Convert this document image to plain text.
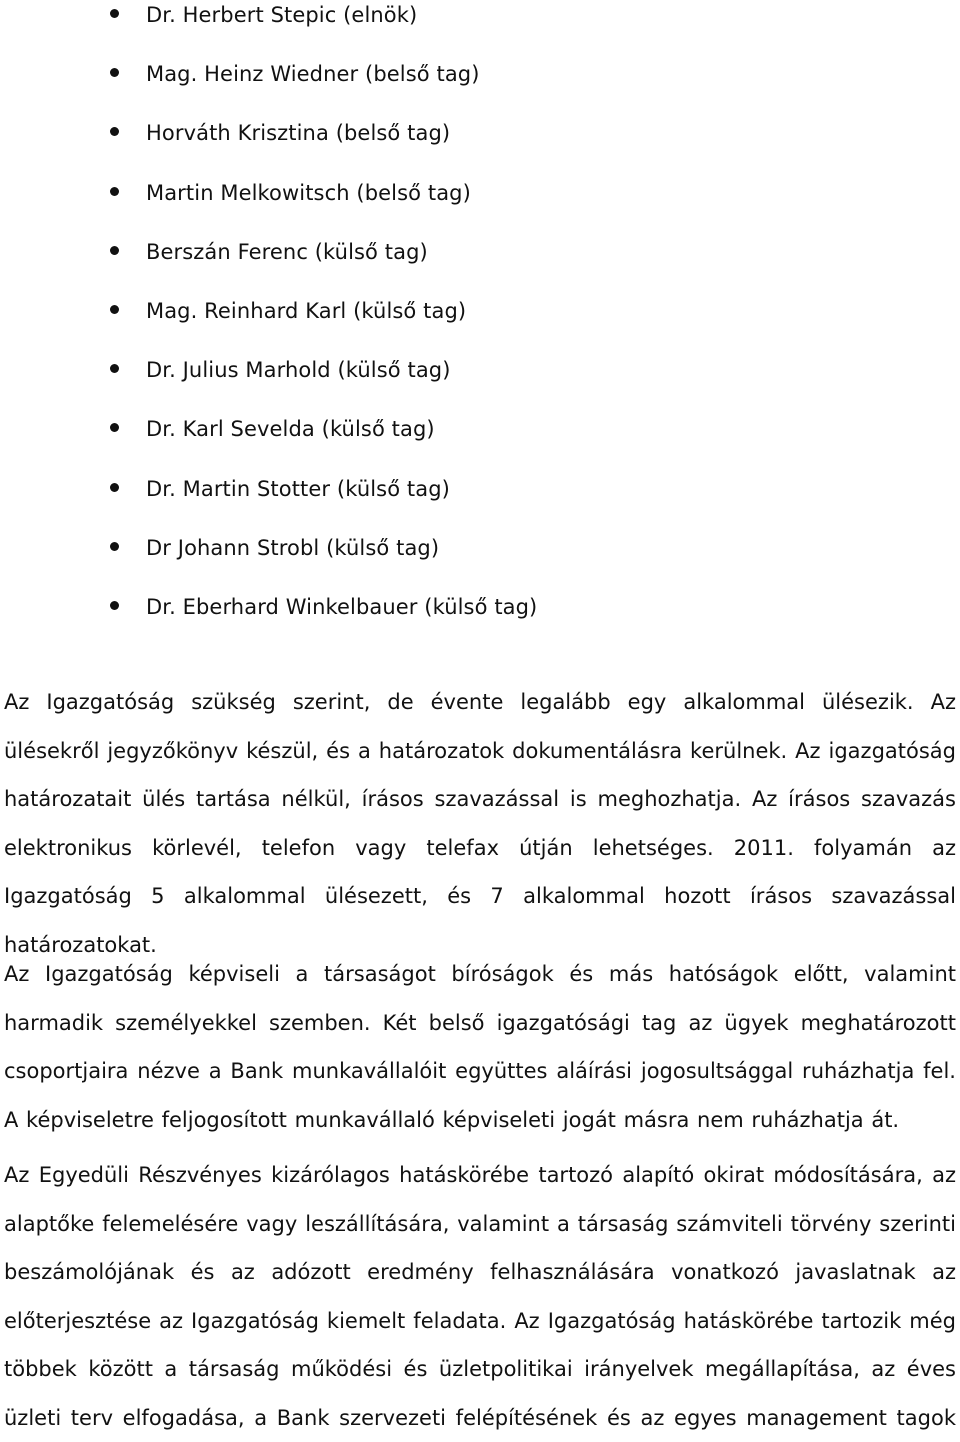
Dr. Herbert Stepic (elnök)
Mag. Heinz Wiedner (belső tag)
Horváth Krisztina (belső tag)
Martin Melkowitsch (belső tag)
Berszán Ferenc (külső tag)
Mag. Reinhard Karl (külső tag)
Dr. Julius Marhold (külső tag)
Dr. Karl Sevelda (külső tag)
Dr. Martin Stotter (külső tag)
Dr Johann Strobl (külső tag)
Dr. Eberhard Winkelbauer (külső tag)

Az Igazgatóság szükség szerint, de évente legalább egy alkalommal ülésezik. Az ülésekről jegyzőkönyv készül, és a határozatok dokumentálásra kerülnek. Az igazgatóság határozatait ülés tartása nélkül, írásos szavazással is meghozhatja. Az írásos szavazás elektronikus körlevél, telefon vagy telefax útján lehetséges. 2011. folyamán az Igazgatóság 5 alkalommal ülésezett, és 7 alkalommal hozott írásos szavazással határozatokat.

Az Igazgatóság képviseli a társaságot bíróságok és más hatóságok előtt, valamint harmadik személyekkel szemben. Két belső igazgatósági tag az ügyek meghatározott csoportjaira nézve a Bank munkavállalóit együttes aláírási jogosultsággal ruházhatja fel. A képviseletre feljogosított munkavállaló képviseleti jogát másra nem ruházhatja át.

Az Egyedüli Részvényes kizárólagos hatáskörébe tartozó alapító okirat módosítására, az alaptőke felemelésére vagy leszállítására, valamint a társaság számviteli törvény szerinti beszámolójának és az adózott eredmény felhasználására vonatkozó javaslatnak az előterjesztése az Igazgatóság kiemelt feladata. Az Igazgatóság hatáskörébe tartozik még többek között a társaság működési és üzletpolitikai irányelvek megállapítása, az éves üzleti terv elfogadása, a Bank szervezeti felépítésének és az egyes management tagok
